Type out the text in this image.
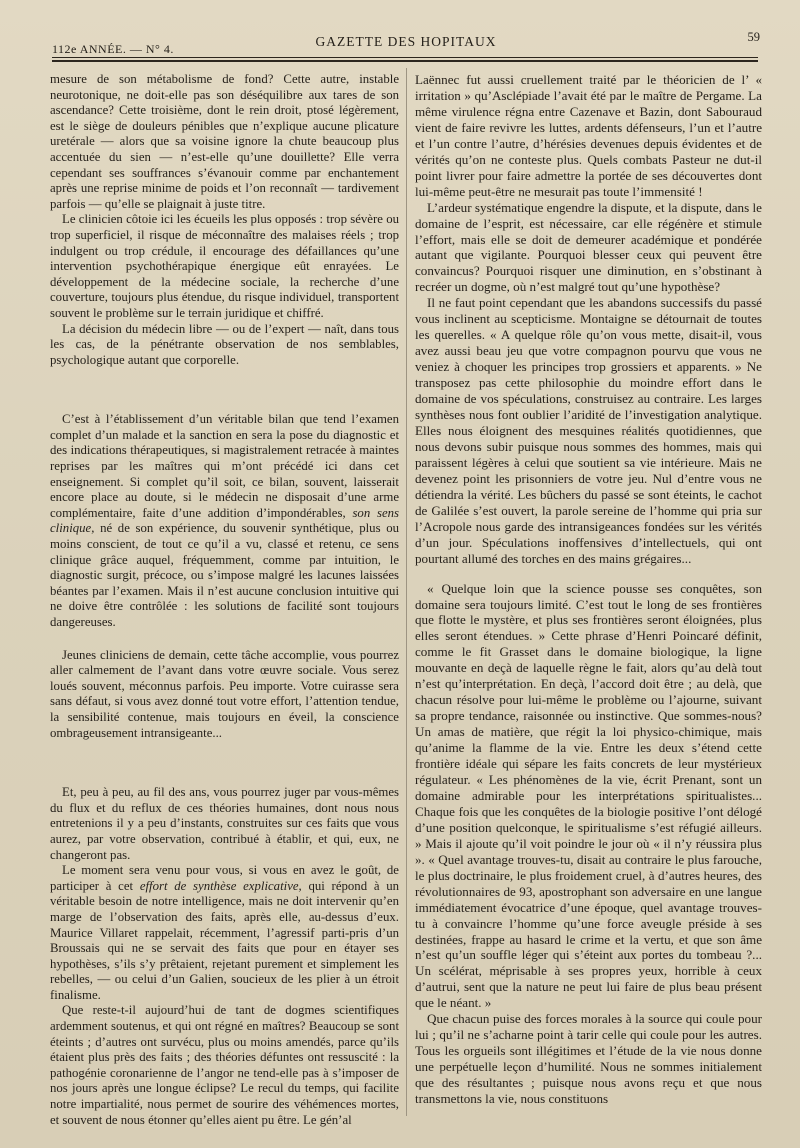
112e ANNÉE. — N° 4.	GAZETTE DES HOPITAUX	59

mesure de son métabolisme de fond? Cette autre, instable neurotonique, ne doit-elle pas son déséquilibre aux tares de son ascendance? Cette troisième, dont le rein droit, ptosé légèrement, est le siège de douleurs pénibles que n’explique aucune plicature uretérale — alors que sa voisine ignore la chute beaucoup plus accentuée du sien — n’est-elle qu’une douillette? Elle verra cependant ses souffrances s’évanouir comme par enchantement après une reprise minime de poids et l’on reconnaît — tardivement parfois — qu’elle se plaignait à juste titre.

Le clinicien côtoie ici les écueils les plus opposés : trop sévère ou trop superficiel, il risque de méconnaître des malaises réels ; trop indulgent ou trop crédule, il encourage des défaillances qu’une intervention psychothérapique énergique eût enrayées. Le développement de la médecine sociale, la recherche d’une couverture, toujours plus étendue, du risque individuel, transportent souvent le problème sur le terrain juridique et chiffré.

La décision du médecin libre — ou de l’expert — naît, dans tous les cas, de la pénétrante observation de nos semblables, psychologique autant que corporelle.

C’est à l’établissement d’un véritable bilan que tend l’examen complet d’un malade et la sanction en sera la pose du diagnostic et des indications thérapeutiques, si magistralement retracée à maintes reprises par les maîtres qui m’ont précédé ici dans cet enseignement. Si complet qu’il soit, ce bilan, souvent, laisserait encore place au doute, si le médecin ne disposait d’une arme complémentaire, faite d’une addition d’impondérables, son sens clinique, né de son expérience, du souvenir synthétique, plus ou moins conscient, de tout ce qu’il a vu, classé et retenu, ce sens clinique grâce auquel, fréquemment, comme par intuition, le diagnostic surgit, précoce, ou s’impose malgré les lacunes laissées béantes par l’examen. Mais il n’est aucune conclusion intuitive qui ne doive être contrôlée : les solutions de facilité sont toujours dangereuses.

Jeunes cliniciens de demain, cette tâche accomplie, vous pourrez aller calmement de l’avant dans votre œuvre sociale. Vous serez loués souvent, méconnus parfois. Peu importe. Votre cuirasse sera sans défaut, si vous avez donné tout votre effort, l’attention tendue, la sensibilité contenue, mais toujours en éveil, la conscience ombrageusement intransigeante...

Et, peu à peu, au fil des ans, vous pourrez juger par vous-mêmes du flux et du reflux de ces théories humaines, dont nous nous entretenions il y a peu d’instants, construites sur ces faits que vous aurez, par votre observation, contribué à établir, et qui, eux, ne changeront pas.

Le moment sera venu pour vous, si vous en avez le goût, de participer à cet effort de synthèse explicative, qui répond à un véritable besoin de notre intelligence, mais ne doit intervenir qu’en marge de l’observation des faits, après elle, au-dessus d’eux. Maurice Villaret rappelait, récemment, l’agressif parti-pris d’un Broussais qui ne se servait des faits que pour en étayer ses hypothèses, s’ils s’y prêtaient, rejetant purement et simplement les rebelles, — ou celui d’un Galien, soucieux de les plier à un étroit finalisme.

Que reste-t-il aujourd’hui de tant de dogmes scientifiques ardemment soutenus, et qui ont régné en maîtres? Beaucoup se sont éteints ; d’autres ont survécu, plus ou moins amendés, parce qu’ils étaient plus près des faits ; des théories défuntes ont ressuscité : la pathogénie coronarienne de l’angor ne tend-elle pas à s’imposer de nos jours après une longue éclipse? Le recul du temps, qui facilite notre impartialité, nous permet de sourire des véhémences mortes, et souvent de nous étonner qu’elles aient pu être. Le gén’al

Laënnec fut aussi cruellement traité par le théoricien de l’ « irritation » qu’Asclépiade l’avait été par le maître de Pergame. La même virulence régna entre Cazenave et Bazin, dont Sabouraud vient de faire revivre les luttes, ardents défenseurs, l’un et l’autre et l’un contre l’autre, d’hérésies devenues depuis évidentes et de vérités qu’on ne conteste plus. Quels combats Pasteur ne dut-il point livrer pour faire admettre la portée de ses découvertes dont lui-même peut-être ne mesurait pas toute l’immensité !

L’ardeur systématique engendre la dispute, et la dispute, dans le domaine de l’esprit, est nécessaire, car elle régénère et stimule l’effort, mais elle se doit de demeurer académique et pondérée autant que vigilante. Pourquoi blesser ceux qui peuvent être convaincus? Pourquoi risquer une diminution, en s’obstinant à recréer un dogme, où n’est malgré tout qu’une hypothèse?

Il ne faut point cependant que les abandons successifs du passé vous inclinent au scepticisme. Montaigne se détournait de toutes les querelles. « A quelque rôle qu’on vous mette, disait-il, vous avez aussi beau jeu que votre compagnon pourvu que vous ne veniez à choquer les principes trop grossiers et apparents. » Ne transposez pas cette philosophie du moindre effort dans le domaine de vos spéculations, construisez au contraire. Les larges synthèses nous font oublier l’aridité de l’investigation analytique. Elles nous éloignent des mesquines réalités quotidiennes, que nous devons subir puisque nous sommes des hommes, mais qui paraissent légères à celui que soutient sa vie intérieure. Mais ne devenez point les prisonniers de votre jeu. Nul d’entre vous ne détiendra la vérité. Les bûchers du passé se sont éteints, le cachot de Galilée s’est ouvert, la parole sereine de l’homme qui pria sur l’Acropole nous garde des intransigeances fondées sur les vérités d’un jour. Spéculations inoffensives d’intellectuels, qui ont pourtant allumé des torches en des mains grégaires...

« Quelque loin que la science pousse ses conquêtes, son domaine sera toujours limité. C’est tout le long de ses frontières que flotte le mystère, et plus ses frontières seront éloignées, plus elles seront étendues. » Cette phrase d’Henri Poincaré définit, comme le fit Grasset dans le domaine biologique, la ligne mouvante en deçà de laquelle règne le fait, alors qu’au delà tout n’est qu’interprétation. En deçà, l’accord doit être ; au delà, que chacun résolve pour lui-même le problème ou l’ajourne, suivant sa propre tendance, raisonnée ou instinctive. Que sommes-nous? Un amas de matière, que régit la loi physico-chimique, mais qu’anime la flamme de la vie. Entre les deux s’étend cette frontière idéale qui sépare les faits concrets de leur mystérieux régulateur. « Les phénomènes de la vie, écrit Prenant, sont un domaine admirable pour les interprétations spiritualistes... Chaque fois que les conquêtes de la biologie positive l’ont délogé d’une position quelconque, le spiritualisme s’est réfugié ailleurs. » Mais il ajoute qu’il voit poindre le jour où « il n’y réussira plus ». « Quel avantage trouves-tu, disait au contraire le plus farouche, le plus doctrinaire, le plus froidement cruel, à d’autres heures, des révolutionnaires de 93, apostrophant son adversaire en une langue immédiatement évocatrice d’une époque, quel avantage trouves-tu à convaincre l’homme qu’une force aveugle préside à ses destinées, frappe au hasard le crime et la vertu, et que son âme n’est qu’un souffle léger qui s’éteint aux portes du tombeau ?... Un scélérat, méprisable à ses propres yeux, horrible à ceux d’autrui, sent que la nature ne peut lui faire de plus beau présent que le néant. »

Que chacun puise des forces morales à la source qui coule pour lui ; qu’il ne s’acharne point à tarir celle qui coule pour les autres. Tous les orgueils sont illégitimes et l’étude de la vie nous donne une perpétuelle leçon d’humilité. Nous ne sommes initialement que des résultantes ; puisque nous avons reçu et que nous transmettons la vie, nous constituons
